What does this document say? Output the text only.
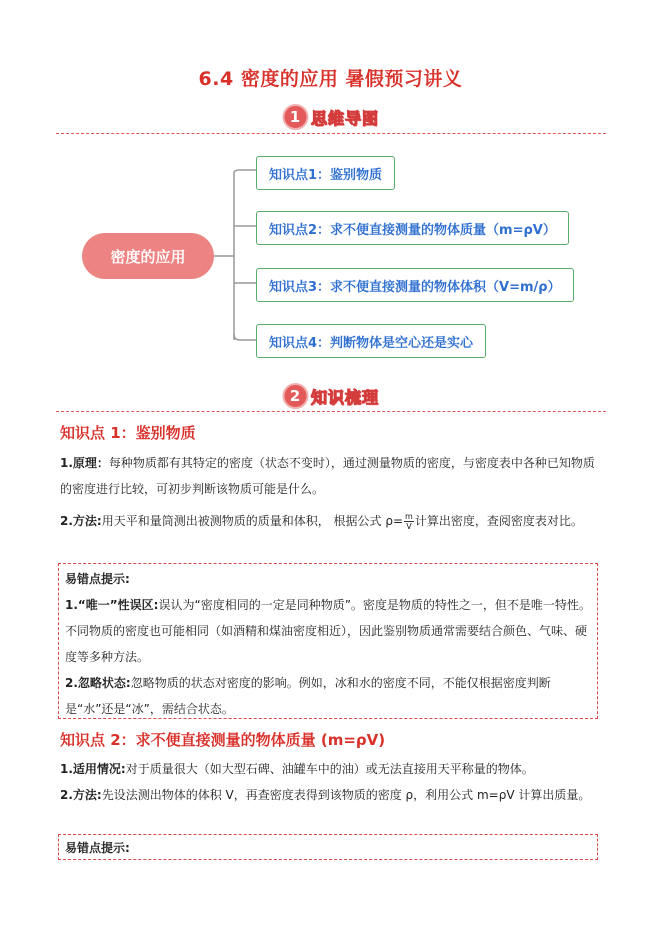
6.4 密度的应用 暑假预习讲义
1 思维导图
密度的应用
知识点1：鉴别物质
知识点2：求不便直接测量的物体质量（m=ρV）
知识点3：求不便直接测量的物体体积（V=m/ρ）
知识点4：判断物体是空心还是实心
2 知识梳理
知识点 1：鉴别物质
1.原理：每种物质都有其特定的密度（状态不变时），通过测量物质的密度，与密度表中各种已知物质的密度进行比较，可初步判断该物质可能是什么。
2.方法:用天平和量筒测出被测物质的质量和体积， 根据公式 $\rho= \frac{m}{V}$ 计算出密度，查阅密度表对比。
易错点提示:
1.“唯一”性误区:误认为“密度相同的一定是同种物质”。密度是物质的特性之一，但不是唯一特性。不同物质的密度也可能相同（如酒精和煤油密度相近），因此鉴别物质通常需要结合颜色、气味、硬度等多种方法。
2.忽略状态:忽略物质的状态对密度的影响。例如，冰和水的密度不同，不能仅根据密度判断是“水”还是“冰”，需结合状态。
知识点 2：求不便直接测量的物体质量 (m=ρV)
1.适用情况:对于质量很大（如大型石碑、油罐车中的油）或无法直接用天平称量的物体。
2.方法:先设法测出物体的体积 V，再查密度表得到该物质的密度 ρ，利用公式 m=ρV 计算出质量。
易错点提示:
